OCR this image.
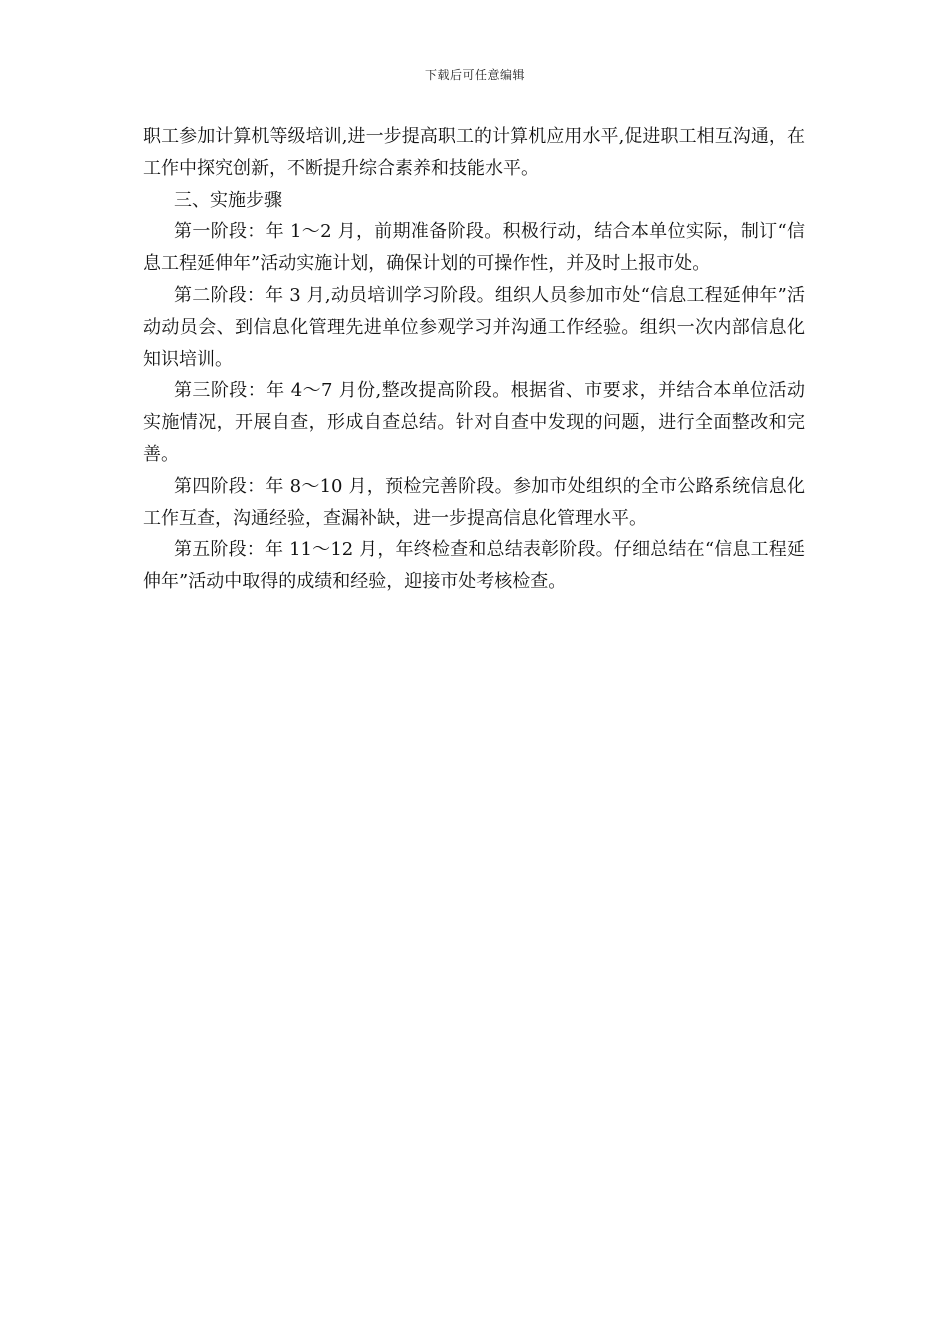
下载后可任意编辑

职工参加计算机等级培训,进一步提高职工的计算机应用水平,促进职工相互沟通，在工作中探究创新，不断提升综合素养和技能水平。

三、实施步骤

第一阶段：年 1～2 月，前期准备阶段。积极行动，结合本单位实际，制订“信息工程延伸年”活动实施计划，确保计划的可操作性，并及时上报市处。

第二阶段：年 3 月,动员培训学习阶段。组织人员参加市处“信息工程延伸年”活动动员会、到信息化管理先进单位参观学习并沟通工作经验。组织一次内部信息化知识培训。

第三阶段：年 4～7 月份,整改提高阶段。根据省、市要求，并结合本单位活动实施情况，开展自查，形成自查总结。针对自查中发现的问题，进行全面整改和完善。

第四阶段：年 8～10 月，预检完善阶段。参加市处组织的全市公路系统信息化工作互查，沟通经验，查漏补缺，进一步提高信息化管理水平。

第五阶段：年 11～12 月，年终检查和总结表彰阶段。仔细总结在“信息工程延伸年”活动中取得的成绩和经验，迎接市处考核检查。
